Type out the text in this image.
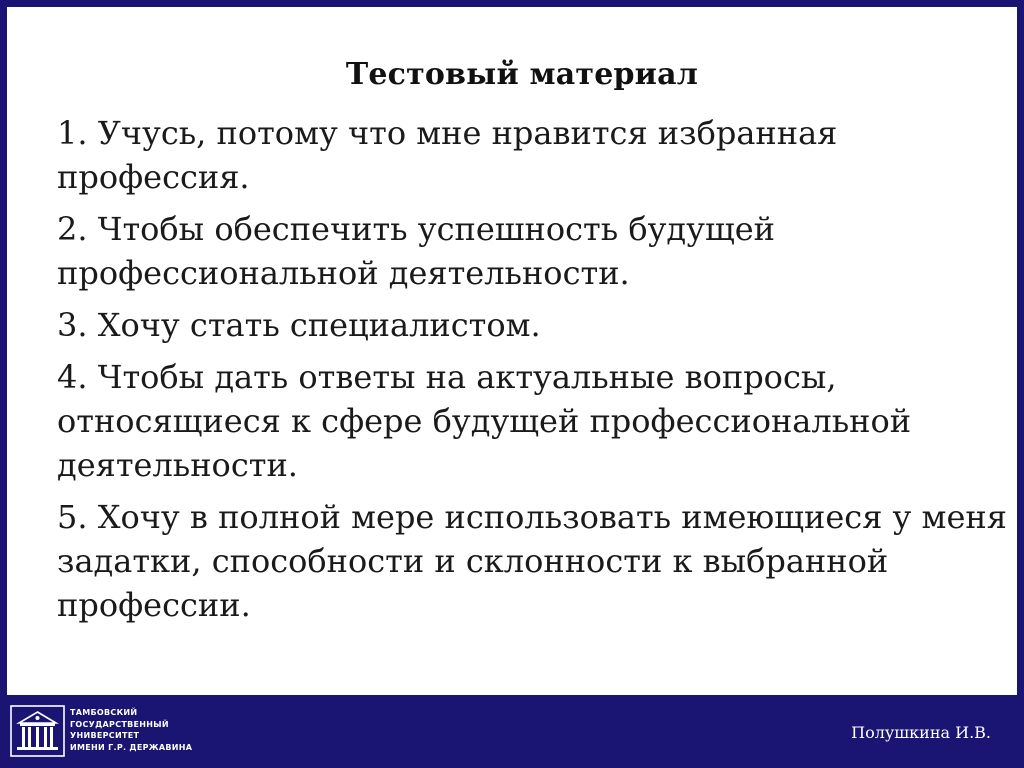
Тестовый материал
1. Учусь, потому что мне нравится избранная профессия.
2. Чтобы обеспечить успешность будущей профессиональной деятельности.
3. Хочу стать специалистом.
4. Чтобы дать ответы на актуальные вопросы, относящиеся к сфере будущей профессиональной деятельности.
5. Хочу в полной мере использовать имеющиеся у меня задатки, способности и склонности к выбранной профессии.
ТАМБОВСКИЙ
ГОСУДАРСТВЕННЫЙ
УНИВЕРСИТЕТ
ИМЕНИ Г.Р. ДЕРЖАВИНА
Полушкина И.В.
